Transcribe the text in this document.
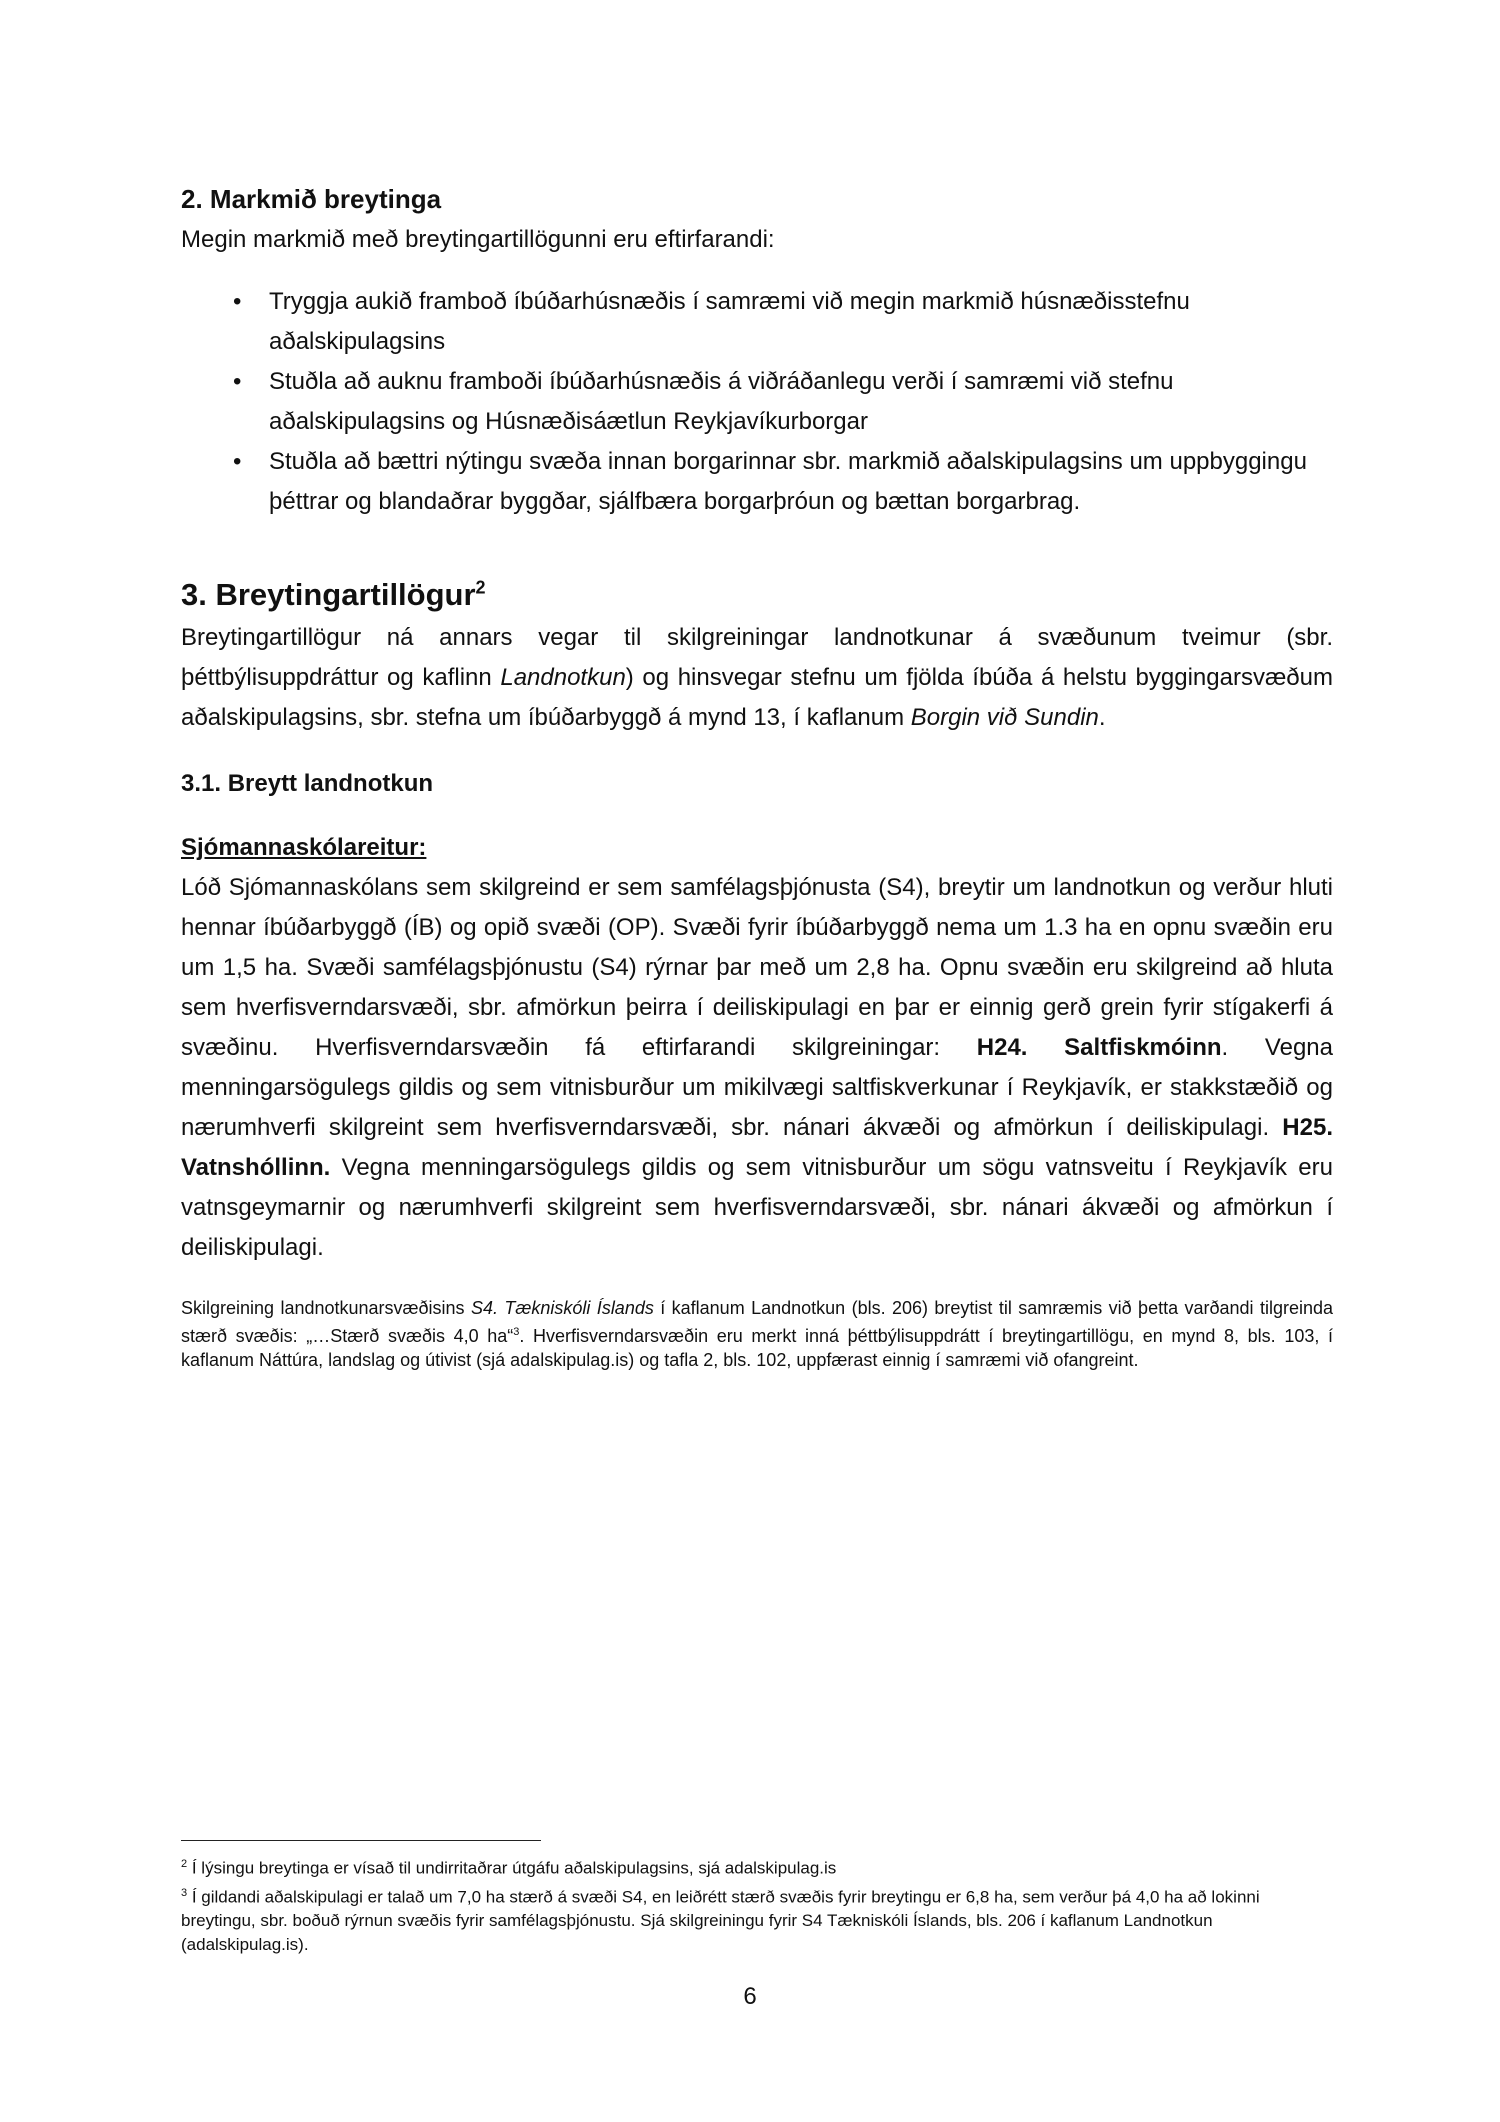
2. Markmið breytinga

Megin markmið með breytingartillögunni eru eftirfarandi:

• Tryggja aukið framboð íbúðarhúsnæðis í samræmi við megin markmið húsnæðisstefnu aðalskipulagsins
• Stuðla að auknu framboði íbúðarhúsnæðis á viðráðanlegu verði í samræmi við stefnu aðalskipulagsins og Húsnæðisáætlun Reykjavíkurborgar
• Stuðla að bættri nýtingu svæða innan borgarinnar sbr. markmið aðalskipulagsins um uppbyggingu þéttrar og blandaðrar byggðar, sjálfbæra borgarþróun og bættan borgarbrag.
3. Breytingartillögur$^2$

Breytingartillögur ná annars vegar til skilgreiningar landnotkunar á svæðunum tveimur (sbr. þéttbýlisuppdráttur og kaflinn Landnotkun) og hinsvegar stefnu um fjölda íbúða á helstu byggingarsvæðum aðalskipulagsins, sbr. stefna um íbúðarbyggð á mynd 13, í kaflanum Borgin við Sundin.

3.1. Breytt landnotkun

Sjómannaskólareitur:

Lóð Sjómannaskólans sem skilgreind er sem samfélagsþjónusta (S4), breytir um landnotkun og verður hluti hennar íbúðarbyggð (ÍB) og opið svæði (OP). Svæði fyrir íbúðarbyggð nema um 1.3 ha en opnu svæðin eru um 1,5 ha. Svæði samfélagsþjónustu (S4) rýrnar þar með um 2,8 ha. Opnu svæðin eru skilgreind að hluta sem hverfisverndarsvæði, sbr. afmörkun þeirra í deiliskipulagi en þar er einnig gerð grein fyrir stígakerfi á svæðinu. Hverfisverndarsvæðin fá eftirfarandi skilgreiningar: H24. Saltfiskmóinn. Vegna menningarsögulegs gildis og sem vitnisburður um mikilvægi saltfiskverkunar í Reykjavík, er stakkstæðið og nærumhverfi skilgreint sem hverfisverndarsvæði, sbr. nánari ákvæði og afmörkun í deiliskipulagi. H25. Vatnshóllinn. Vegna menningarsögulegs gildis og sem vitnisburður um sögu vatnsveitu í Reykjavík eru vatnsgeymarnir og nærumhverfi skilgreint sem hverfisverndarsvæði, sbr. nánari ákvæði og afmörkun í deiliskipulagi.

Skilgreining landnotkunarsvæðisins S4. Tækniskóli Íslands í kaflanum Landnotkun (bls. 206) breytist til samræmis við þetta varðandi tilgreinda stærð svæðis: „…Stærð svæðis 4,0 ha“$^3$. Hverfisverndarsvæðin eru merkt inná þéttbýlisuppdrátt í breytingartillögu, en mynd 8, bls. 103, í kaflanum Náttúra, landslag og útivist (sjá adalskipulag.is) og tafla 2, bls. 102, uppfærast einnig í samræmi við ofangreint.

$^2$ Í lýsingu breytinga er vísað til undirritaðrar útgáfu aðalskipulagsins, sjá adalskipulag.is

$^3$ Í gildandi aðalskipulagi er talað um 7,0 ha stærð á svæði S4, en leiðrétt stærð svæðis fyrir breytingu er 6,8 ha, sem verður þá 4,0 ha að lokinni breytingu, sbr. boðuð rýrnun svæðis fyrir samfélagsþjónustu. Sjá skilgreiningu fyrir S4 Tækniskóli Íslands, bls. 206 í kaflanum Landnotkun (adalskipulag.is).

6
